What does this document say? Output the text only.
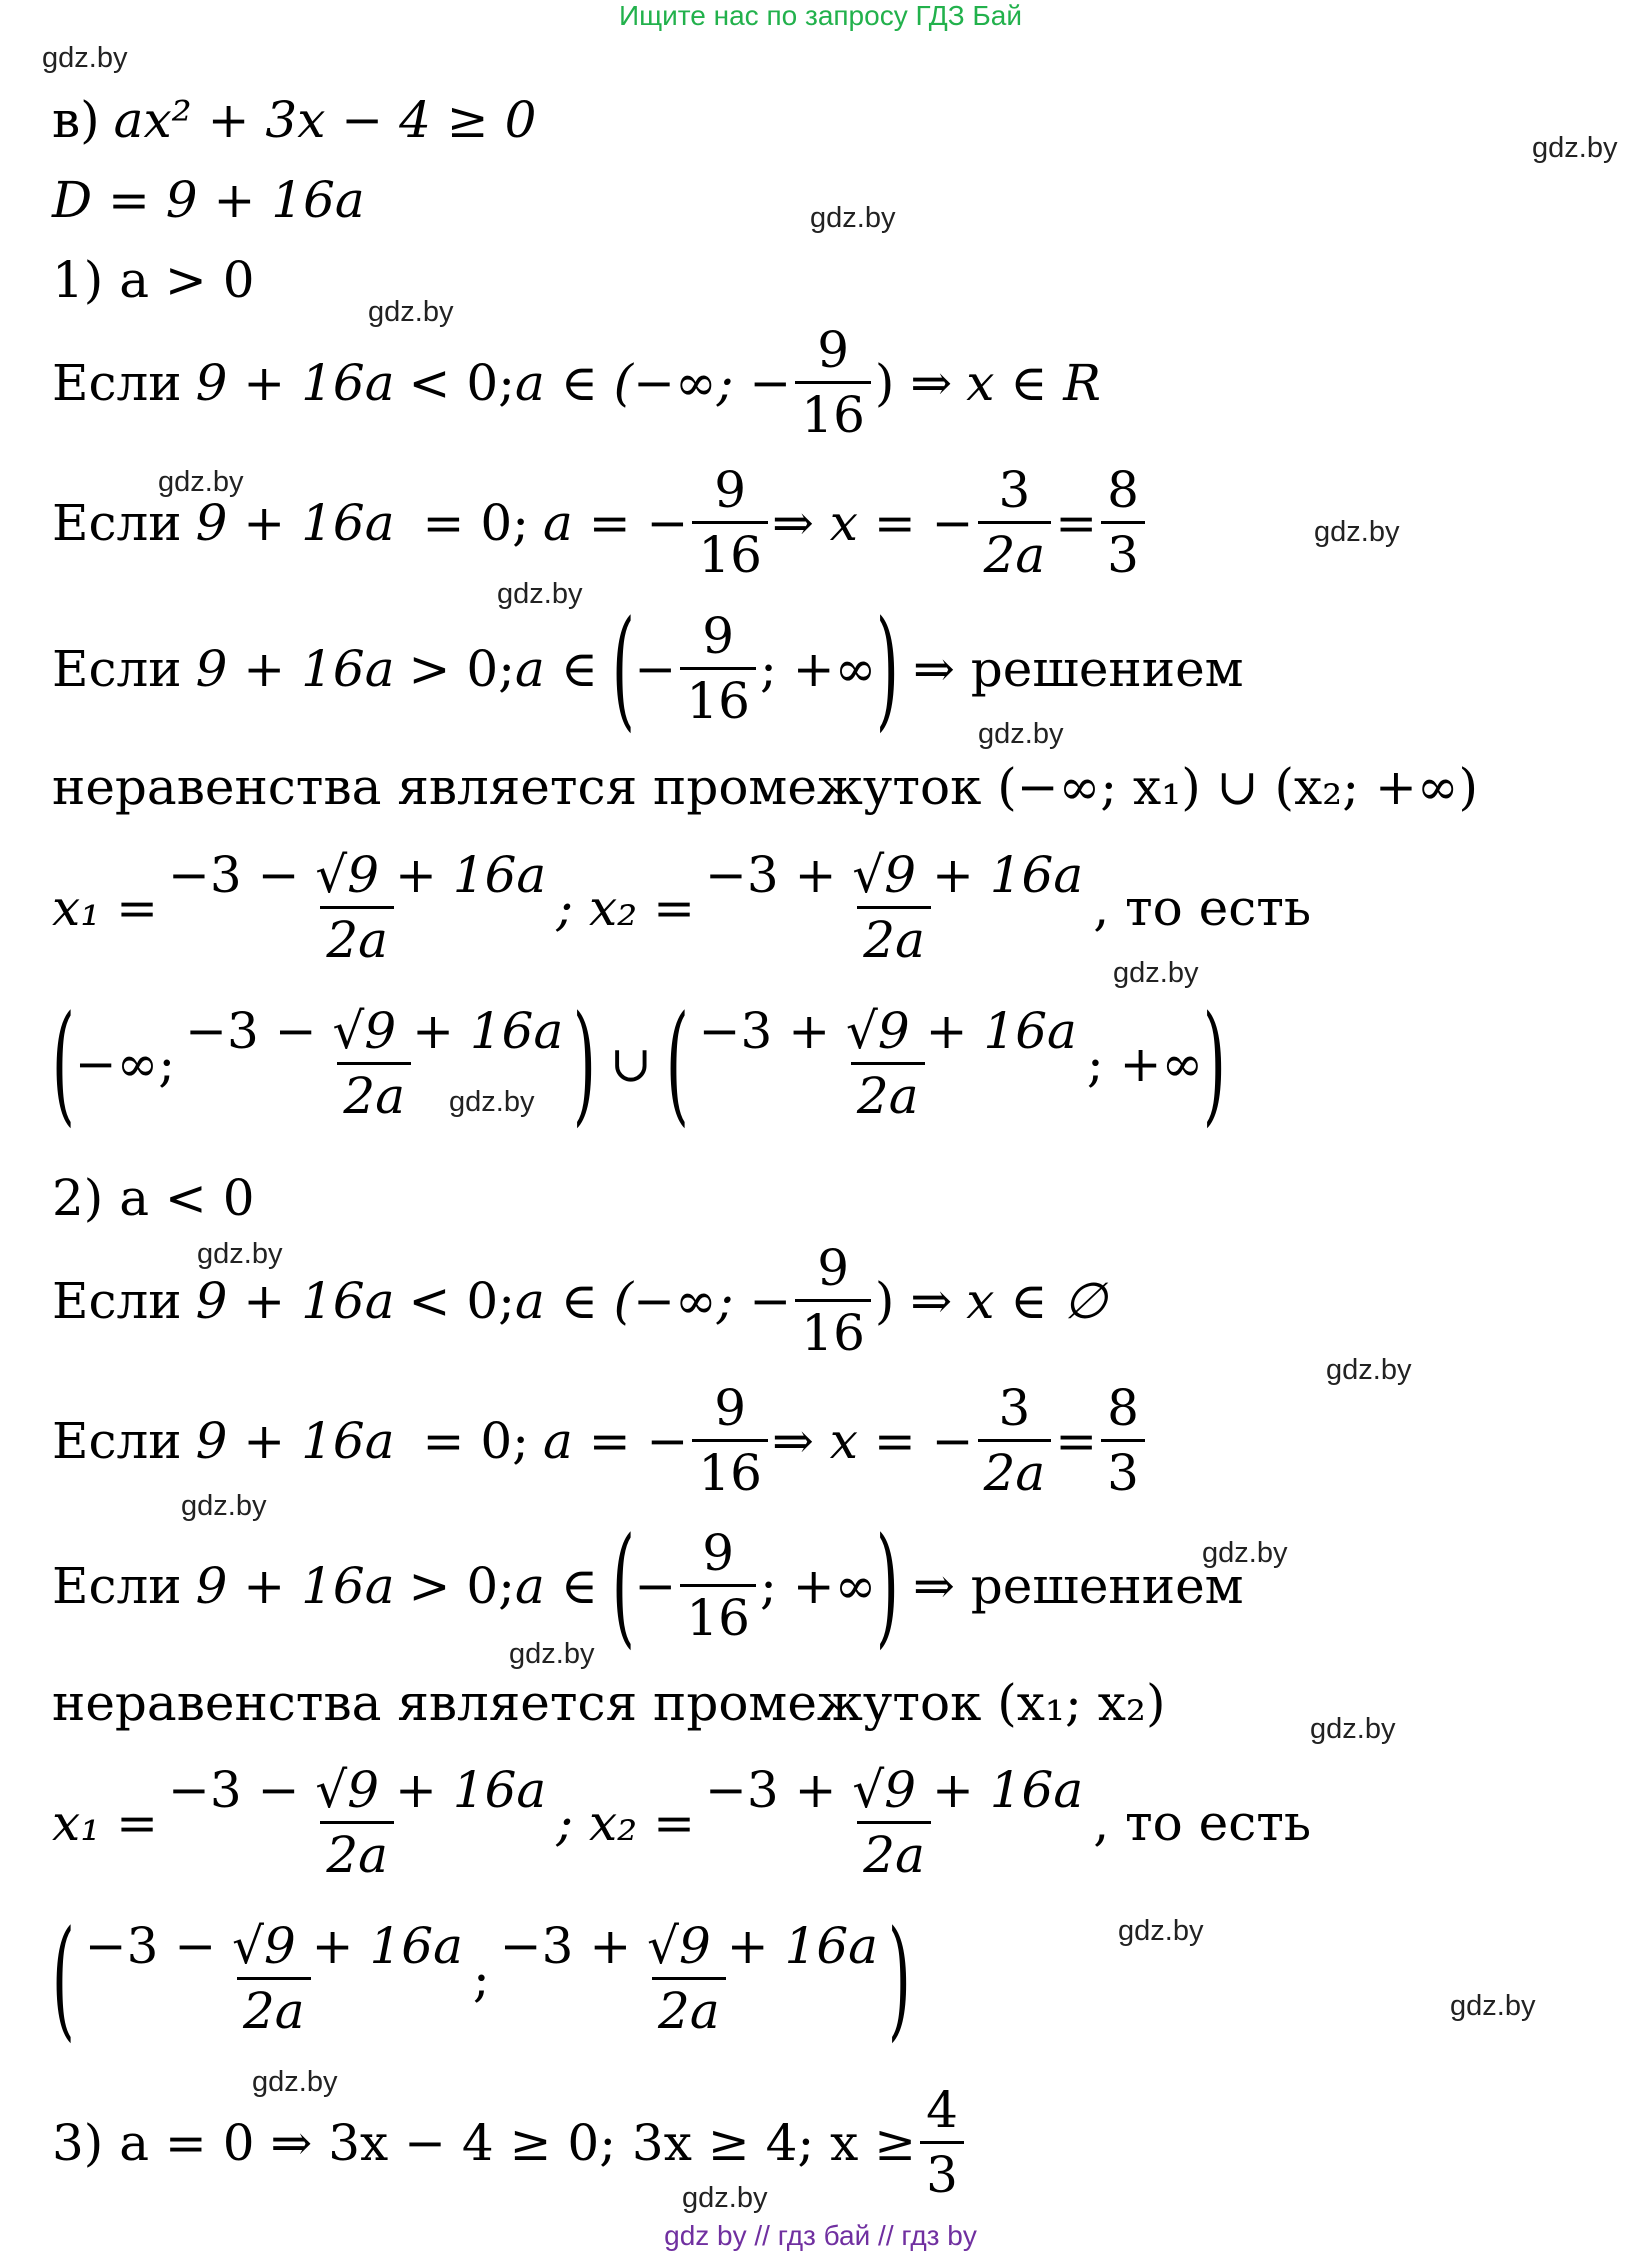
Ищите нас по запросу ГДЗ Бай
gdz.by
gdz.by
gdz.by
gdz.by
gdz.by
gdz.by
gdz.by
gdz.by
gdz.by
gdz.by
gdz.by
gdz.by
gdz.by
gdz.by
gdz.by
gdz.by
gdz.by
gdz.by
gdz.by
gdz.by
в) ax² + 3x − 4 ≥ 0
D = 9 + 16a
1) a > 0
Если 9 + 16a < 0; a ∈ (−∞; − $\frac{9}{16}$ ) ⇒ x ∈ R
Если 9 + 16a = 0; a = − $\frac{9}{16}$ ⇒ x = − $\frac{3}{2a} = \frac{8}{3}$
Если 9 + 16a > 0; a ∈ ( − $\frac{9}{16}$ ; +∞ ) ⇒ решением
неравенства является промежуток (−∞; x₁) ∪ (x₂; +∞)
$x_1 = \frac{-3 - √9 + 16a}{2a}$ ; $x_2 = \frac{-3 + √9 + 16a}{2a}$ , то есть
( −∞; $\frac{-3 - √9 + 16a}{2a}$ ) ∪ ( $\frac{-3 + √9 + 16a}{2a}$ ; +∞ )
2) a < 0
Если 9 + 16a < 0; a ∈ (−∞; − $\frac{9}{16}$ ) ⇒ x ∈ ∅
Если 9 + 16a = 0; a = − $\frac{9}{16}$ ⇒ x = − $\frac{3}{2a} = \frac{8}{3}$
Если 9 + 16a > 0; a ∈ ( − $\frac{9}{16}$ ; +∞ ) ⇒ решением
неравенства является промежуток (x₁; x₂)
$x_1 = \frac{-3 - √9 + 16a}{2a}$ ; $x_2 = \frac{-3 + √9 + 16a}{2a}$ , то есть
( $\frac{-3 - √9 + 16a}{2a}$ ; $\frac{-3 + √9 + 16a}{2a}$ )
3) a = 0 ⇒ 3x − 4 ≥ 0; 3x ≥ 4; $x \ge \frac{4}{3}$
gdz by // гдз бай // гдз by
